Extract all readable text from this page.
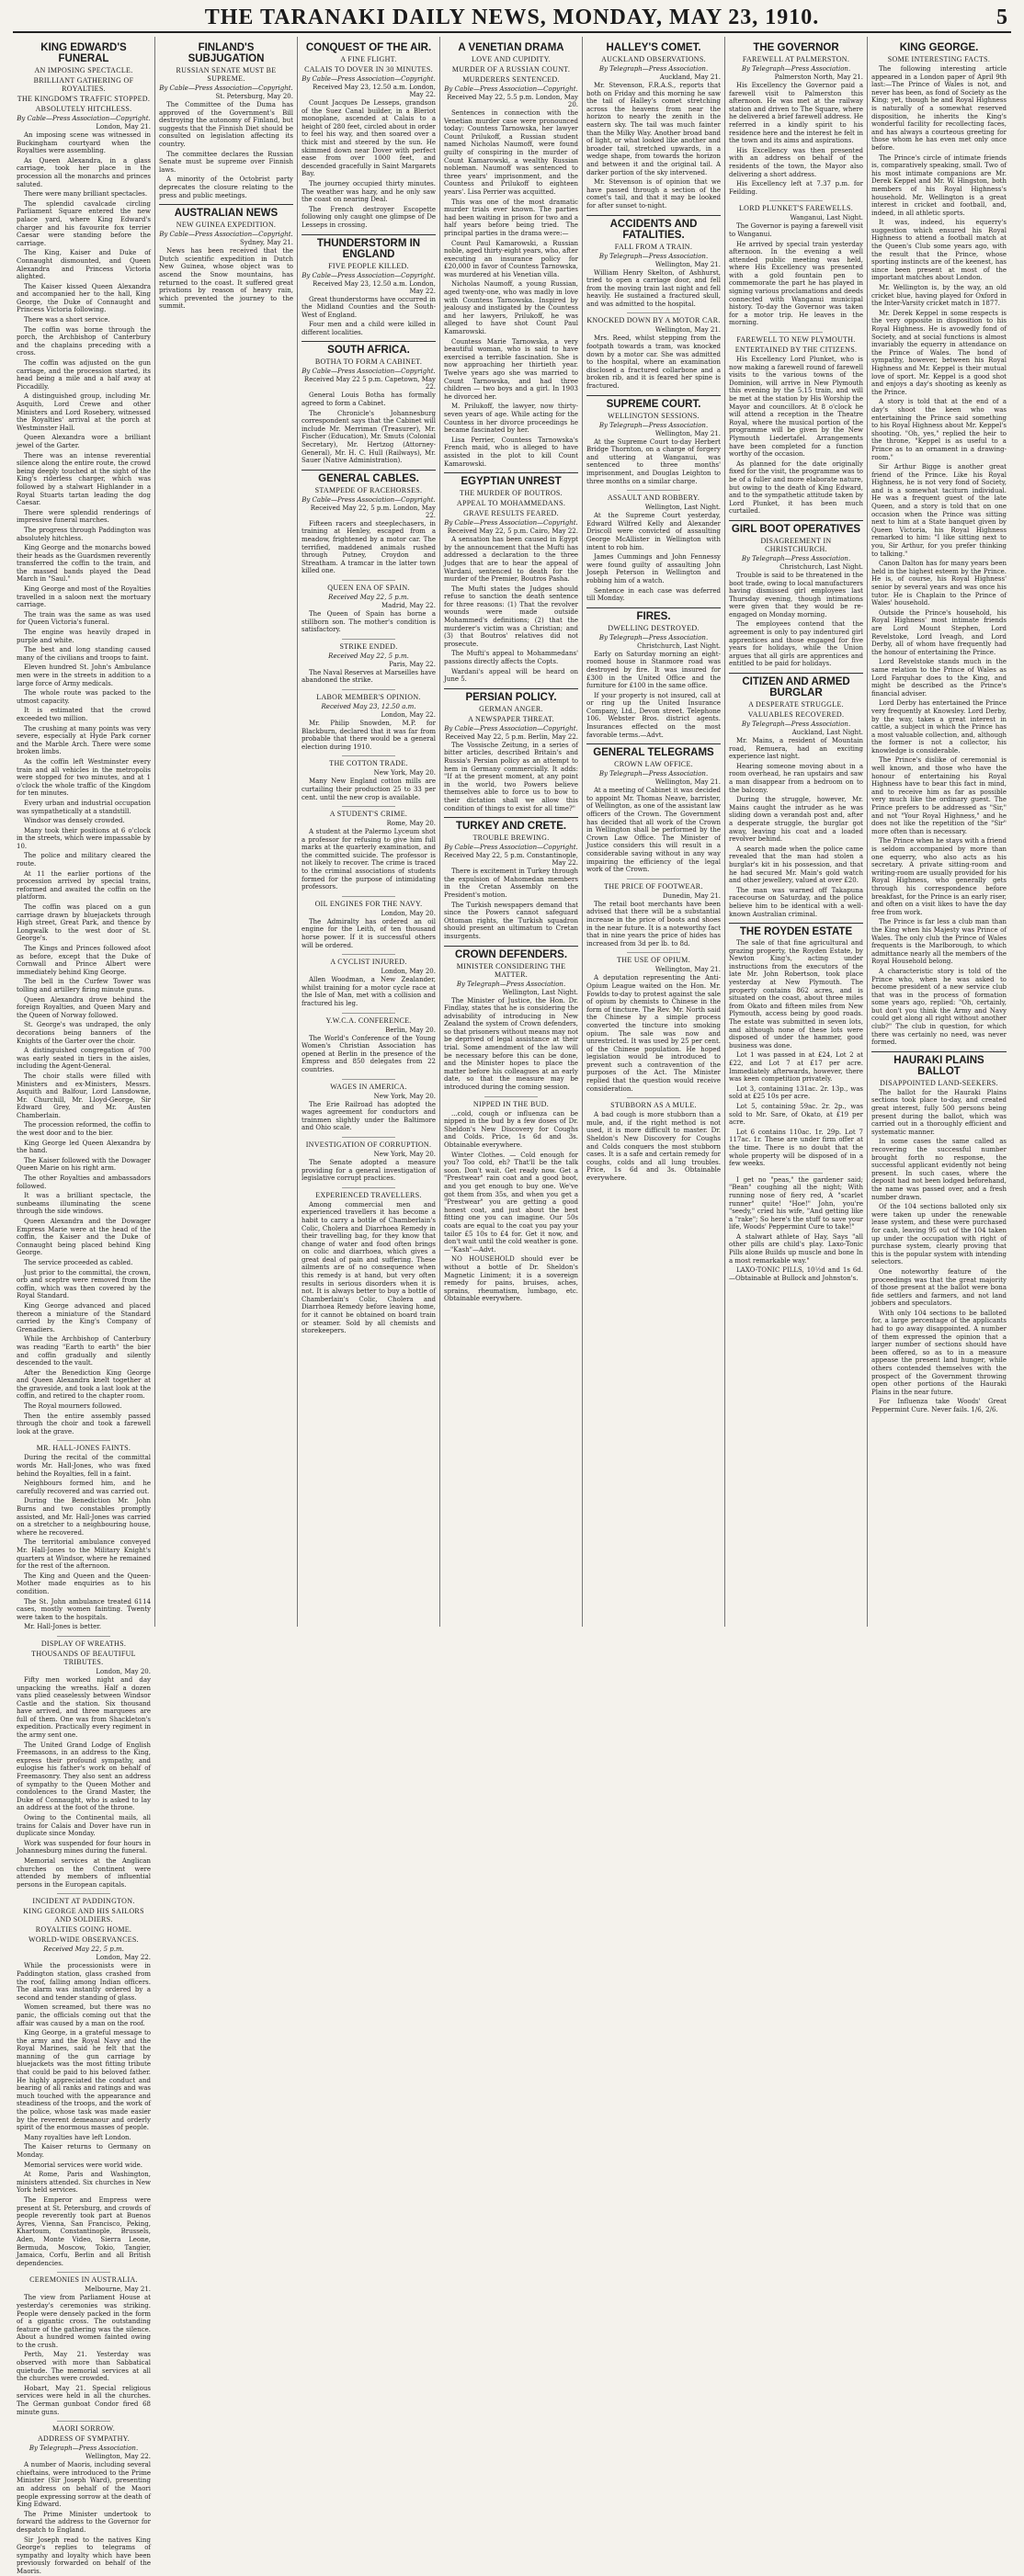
THE TARANAKI DAILY NEWS, MONDAY, MAY 23, 1910.	5
KING EDWARD'S FUNERAL
AN IMPOSING SPECTACLE.
BRILLIANT GATHERING OF ROYALTIES.
THE KINGDOM'S TRAFFIC STOPPED.
ABSOLUTELY HITCHLESS.
By Cable—Press Association—Copyright.
London, May 21.

An imposing scene was witnessed in Buckingham courtyard when the Royalties were assembling.

As Queen Alexandra, in a glass carriage, took her place in the procession all the monarchs and princes saluted.

There were many brilliant spectacles.

The splendid cavalcade circling Parliament Square entered the new palace yard, where King Edward's charger and his favourite fox terrier Caesar were standing before the carriage.

The King, Kaiser and Duke of Connaught dismounted, and Queen Alexandra and Princess Victoria alighted.

The Kaiser kissed Queen Alexandra and accompanied her to the hall, King George, the Duke of Connaught and Princess Victoria following.

There was a short service.

The coffin was borne through the porch, the Archbishop of Canterbury and the chaplains preceding with a cross.

The coffin was adjusted on the gun carriage, and the procession started, its head being a mile and a half away at Piccadilly.

A distinguished group, including Mr. Asquith, Lord Crewe and other Ministers and Lord Rosebery, witnessed the Royalties' arrival at the porch at Westminster Hall.

Queen Alexandra wore a brilliant jewel of the Garter.

There was an intense reverential silence along the entire route, the crowd being deeply touched at the sight of the King's riderless charger, which was followed by a stalwart Highlander in a Royal Stuarts tartan leading the dog Caesar.

There were splendid renderings of impressive funeral marches.

The progress through Paddington was absolutely hitchless.

King George and the monarchs bowed their heads as the Guardsmen reverently transferred the coffin to the train, and the massed bands played the Dead March in "Saul."

King George and most of the Royalties travelled in a saloon next the mortuary carriage.

The train was the same as was used for Queen Victoria's funeral.

The engine was heavily draped in purple and white.

The best and long standing caused many of the civilians and troops to faint.

Eleven hundred St. John's Ambulance men were in the streets in addition to a large force of Army medicals.

The whole route was packed to the utmost capacity.

It is estimated that the crowd exceeded two million.

The crushing at many points was very severe, especially at Hyde Park corner and the Marble Arch. There were some broken limbs.

As the coffin left Westminster every train and all vehicles in the metropolis were stopped for two minutes, and at 1 o'clock the whole traffic of the Kingdom for ten minutes.

Every urban and industrial occupation was sympathetically at a standstill.

Windsor was densely crowded.

Many took their positions at 6 o'clock in the streets, which were impassable by 10.

The police and military cleared the route.

At 11 the earlier portions of the procession arrived by special trains, reformed and awaited the coffin on the platform.

The coffin was placed on a gun carriage drawn by bluejackets through High street, Great Park, and thence by Longwalk to the west door of St. George's.

The Kings and Princes followed afoot as before, except that the Duke of Cornwall and Prince Albert were immediately behind King George.

The bell in the Curfew Tower was tolling and artillery firing minute guns.

Queen Alexandra drove behind the foreign Royalties, and Queen Mary and the Queen of Norway followed.

St. George's was undraped, the only decorations being banners of the Knights of the Garter over the choir.

A distinguished congregation of 700 was early seated in tiers in the aisles, including the Agent-General.

The choir stalls were filled with Ministers and ex-Ministers, Messrs. Asquith and Balfour, Lord Lansdowne, Mr. Churchill, Mr. Lloyd-George, Sir Edward Grey, and Mr. Austen Chamberlain.

The procession reformed, the coffin to the west door and to the bier.

King George led Queen Alexandra by the hand.

The Kaiser followed with the Dowager Queen Marie on his right arm.

The other Royalties and ambassadors followed.

It was a brilliant spectacle, the sunbeams illuminating the scene through the side windows.

Queen Alexandra and the Dowager Empress Marie were at the head of the coffin, the Kaiser and the Duke of Connaught being placed behind King George.

The service proceeded as cabled.

Just prior to the committal, the crown, orb and sceptre were removed from the coffin, which was then covered by the Royal Standard.

King George advanced and placed thereon a miniature of the Standard carried by the King's Company of Grenadiers.

While the Archbishop of Canterbury was reading "Earth to earth" the bier and coffin gradually and silently descended to the vault.

After the Benediction King George and Queen Alexandra knelt together at the graveside, and took a last look at the coffin, and retired to the chapter room.

The Royal mourners followed.

Then the entire assembly passed through the choir and took a farewell look at the grave.

MR. HALL-JONES FAINTS.

During the recital of the committal words Mr. Hall-Jones, who was fixed behind the Royalties, fell in a faint.

Neighbours formed him, and he carefully recovered and was carried out.

During the Benediction Mr. John Burns and two constables promptly assisted, and Mr. Hall-Jones was carried on a stretcher to a neighbouring house, where he recovered.

The territorial ambulance conveyed Mr. Hall-Jones to the Military Knight's quarters at Windsor, where he remained for the rest of the afternoon.

The King and Queen and the Queen-Mother made enquiries as to his condition.

The St. John ambulance treated 6114 cases, mostly women fainting. Twenty were taken to the hospitals.

Mr. Hall-Jones is better.

DISPLAY OF WREATHS.
THOUSANDS OF BEAUTIFUL TRIBUTES.
London, May 20.

Fifty men worked night and day unpacking the wreaths. Half a dozen vans plied ceaselessly between Windsor Castle and the station. Six thousand have arrived, and three marquees are full of them. One was from Shackleton's expedition. Practically every regiment in the army sent one.

The United Grand Lodge of English Freemasons, in an address to the King, express their profound sympathy, and eulogise his father's work on behalf of Freemasonry. They also sent an address of sympathy to the Queen Mother and condolences to the Grand Master, the Duke of Connaught, who is asked to lay an address at the foot of the throne.

Owing to the Continental mails, all trains for Calais and Dover have run in duplicate since Monday.

Work was suspended for four hours in Johannesburg mines during the funeral.

Memorial services at the Anglican churches on the Continent were attended by members of influential persons in the European capitals.

INCIDENT AT PADDINGTON.
KING GEORGE AND HIS SAILORS AND SOLDIERS.
ROYALTIES GOING HOME.
WORLD-WIDE OBSERVANCES.
Received May 22, 5 p.m.
London, May 22.

While the processionists were in Paddington station, glass crashed from the roof, falling among Indian officers. The alarm was instantly ordered by a second and tender standing of glass.

Women screamed, but there was no panic, the officials coming out that the affair was caused by a man on the roof.

King George, in a grateful message to the army and the Royal Navy and the Royal Marines, said he felt that the manning of the gun carriage by bluejackets was the most fitting tribute that could be paid to his beloved father. He highly appreciated the conduct and bearing of all ranks and ratings and was much touched with the appearance and steadiness of the troops, and the work of the police, whose task was made easier by the reverent demeanour and orderly spirit of the enormous masses of people.

Many royalties have left London.

The Kaiser returns to Germany on Monday.

Memorial services were world wide.

At Rome, Paris and Washington, ministers attended. Six churches in New York held services.

The Emperor and Empress were present at St. Petersburg, and crowds of people reverently took part at Buenos Ayres, Vienna, San Francisco, Peking, Khartoum, Constantinople, Brussels, Aden, Monte Video, Sierra Leone, Bermuda, Moscow, Tokio, Tangier, Jamaica, Corfu, Berlin and all British dependencies.

CEREMONIES IN AUSTRALIA.
Melbourne, May 21.

The view from Parliament House at yesterday's ceremonies was striking. People were densely packed in the form of a gigantic cross. The outstanding feature of the gathering was the silence. About a hundred women fainted owing to the crush.

Perth, May 21. Yesterday was observed with more than Sabbatical quietude. The memorial services at all the churches were crowded.

Hobart, May 21. Special religious services were held in all the churches. The German gunboat Condor fired 68 minute guns.

MAORI SORROW.
ADDRESS OF SYMPATHY.
By Telegraph—Press Association.
Wellington, May 22.

A number of Maoris, including several chieftains, were introduced to the Prime Minister (Sir Joseph Ward), presenting an address on behalf of the Maori people expressing sorrow at the death of King Edward.

The Prime Minister undertook to forward the address to the Governor for despatch to England.

Sir Joseph read to the natives King George's replies to telegrams of sympathy and loyalty which have been previously forwarded on behalf of the Maoris.

FINLAND'S SUBJUGATION
RUSSIAN SENATE MUST BE SUPREME.
By Cable—Press Association—Copyright.
St. Petersburg, May 20.

The Committee of the Duma has approved of the Government's Bill destroying the autonomy of Finland, but suggests that the Finnish Diet should be consulted on legislation affecting its country.

The committee declares the Russian Senate must be supreme over Finnish laws.

A minority of the Octobrist party deprecates the closure relating to the press and public meetings.

AUSTRALIAN NEWS
NEW GUINEA EXPEDITION.
By Cable—Press Association—Copyright.
Sydney, May 21.

News has been received that the Dutch scientific expedition in Dutch New Guinea, whose object was to ascend the Snow mountains, has returned to the coast. It suffered great privations by reason of heavy rain, which prevented the journey to the summit.

CONQUEST OF THE AIR.
A FINE FLIGHT.
CALAIS TO DOVER IN 30 MINUTES.
By Cable—Press Association—Copyright.
Received May 23, 12.50 a.m. London, May 22.

Count Jacques De Lesseps, grandson of the Suez Canal builder, in a Bleriot monoplane, ascended at Calais to a height of 280 feet, circled about in order to feel his way, and then soared over a thick mist and steered by the sun. He skimmed down near Dover with perfect ease from over 1000 feet, and descended gracefully in Saint Margarets Bay.

The journey occupied thirty minutes. The weather was hazy, and he only saw the coast on nearing Deal.

The French destroyer Escopette following only caught one glimpse of De Lesseps in crossing.

THUNDERSTORM IN ENGLAND
FIVE PEOPLE KILLED.
By Cable—Press Association—Copyright.
Received May 23, 12.50 a.m. London, May 22.

Great thunderstorms have occurred in the Midland Counties and the South-West of England.

Four men and a child were killed in different localities.

SOUTH AFRICA.
BOTHA TO FORM A CABINET.
By Cable—Press Association—Copyright.
Received May 22 5 p.m. Capetown, May 22.

General Louis Botha has formally agreed to form a Cabinet.

The Chronicle's Johannesburg correspondent says that the Cabinet will include Mr. Merriman (Treasurer), Mr. Fischer (Education), Mr. Smuts (Colonial Secretary), Mr. Hertzog (Attorney-General), Mr. H. C. Hull (Railways), Mr. Sauer (Native Administration).

GENERAL CABLES.
STAMPEDE OF RACEHORSES.
By Cable—Press Association—Copyright.
Received May 22, 5 p.m. London, May 22.

Fifteen racers and steeplechasers, in training at Henley, escaped from a meadow, frightened by a motor car. The terrified, maddened animals rushed through Putney, Croydon and Streatham. A tramcar in the latter town killed one.

QUEEN ENA OF SPAIN.
Received May 22, 5 p.m.
Madrid, May 22.

The Queen of Spain has borne a stillborn son. The mother's condition is satisfactory.

STRIKE ENDED.
Received May 22, 5 p.m.
Paris, May 22.

The Naval Reserves at Marseilles have abandoned the strike.

LABOR MEMBER'S OPINION.
Received May 23, 12.50 a.m.
London, May 22.

Mr. Philip Snowden, M.P. for Blackburn, declared that it was far from probable that there would be a general election during 1910.

THE COTTON TRADE.
New York, May 20.

Many New England cotton mills are curtailing their production 25 to 33 per cent. until the new crop is available.

A STUDENT'S CRIME.
Rome, May 20.

A student at the Palermo Lyceum shot a professor for refusing to give him full marks at the quarterly examination, and the committed suicide. The professor is not likely to recover. The crime is traced to the criminal associations of students formed for the purpose of intimidating professors.

OIL ENGINES FOR THE NAVY.
London, May 20.

The Admiralty has ordered an oil engine for the Leith, of ten thousand horse power. If it is successful others will be ordered.

A CYCLIST INJURED.
London, May 20.

Allen Woodman, a New Zealander, whilst training for a motor cycle race at the Isle of Man, met with a collision and fractured his leg.

Y.W.C.A. CONFERENCE.
Berlin, May 20.

The World's Conference of the Young Women's Christian Association has opened at Berlin in the presence of the Empress and 850 delegates from 22 countries.

WAGES IN AMERICA.
New York, May 20.

The Erie Railroad has adopted the wages agreement for conductors and trainmen slightly under the Baltimore and Ohio scale.

INVESTIGATION OF CORRUPTION.
New York, May 20.

The Senate adopted a measure providing for a general investigation of legislative corrupt practices.

EXPERIENCED TRAVELLERS.

Among commercial men and experienced travellers it has become a habit to carry a bottle of Chamberlain's Colic, Cholera and Diarrhoea Remedy in their travelling bag, for they know that change of water and food often brings on colic and diarrhoea, which gives a great deal of pain and suffering. These ailments are of no consequence when this remedy is at hand, but very often results in serious disorders when it is not. It is always better to buy a bottle of Chamberlain's Colic, Cholera and Diarrhoea Remedy before leaving home, for it cannot be obtained on board train or steamer. Sold by all chemists and storekeepers.

A VENETIAN DRAMA
LOVE AND CUPIDITY.
MURDER OF A RUSSIAN COUNT.
MURDERERS SENTENCED.
By Cable—Press Association—Copyright.
Received May 22, 5.5 p.m. London, May 20.

Sentences in connection with the Venetian murder case were pronounced today: Countess Tarnowska, her lawyer Count Prilukoff, a Russian student named Nicholas Naumoff, were found guilty of conspiring in the murder of Count Kamarowski, a wealthy Russian nobleman. Naumoff was sentenced to three years' imprisonment, and the Countess and Prilukoff to eighteen years'. Lisa Perrier was acquitted.

This was one of the most dramatic murder trials ever known. The parties had been waiting in prison for two and a half years before being tried. The principal parties in the drama were:—

Count Paul Kamarowski, a Russian noble, aged thirty-eight years, who, after executing an insurance policy for £20,000 in favor of Countess Tarnowska, was murdered at his Venetian villa.

Nicholas Naumoff, a young Russian, aged twenty-one, who was madly in love with Countess Tarnowska. Inspired by jealousy and instigated by the Countess and her lawyers, Prilukoff, he was alleged to have shot Count Paul Kamarowski.

Countess Marie Tarnowska, a very beautiful woman, who is said to have exercised a terrible fascination. She is now approaching her thirtieth year. Twelve years ago she was married to Count Tarnowska, and had three children — two boys and a girl. In 1903 he divorced her.

M. Prilukoff, the lawyer, now thirty-seven years of age. While acting for the Countess in her divorce proceedings he became fascinated by her.

Lisa Perrier, Countess Tarnowska's French maid, who is alleged to have assisted in the plot to kill Count Kamarowski.

EGYPTIAN UNREST
THE MURDER OF BOUTROS.
APPEAL TO MOHAMMEDANS.
GRAVE RESULTS FEARED.
By Cable—Press Association—Copyright.
Received May 22, 5 p.m. Cairo, May 22.

A sensation has been caused in Egypt by the announcement that the Mufti has addressed a declaration to the three Judges that are to hear the appeal of Wardani, sentenced to death for the murder of the Premier, Boutros Pasha.

The Mufti states the Judges should refuse to sanction the death sentence for three reasons: (1) That the revolver wounds were made outside Mohammed's definitions; (2) that the murderer's victim was a Christian; and (3) that Boutros' relatives did not prosecute.

The Mufti's appeal to Mohammedans' passions directly affects the Copts.

Wardani's appeal will be heard on June 5.

PERSIAN POLICY.
GERMAN ANGER.
A NEWSPAPER THREAT.
By Cable—Press Association—Copyright.
Received May 22, 5 p.m. Berlin, May 22.

The Vossische Zeitung, in a series of bitter articles, described Britain's and Russia's Persian policy as an attempt to hem in Germany commercially. It adds: "If at the present moment, at any point in the world, two Powers believe themselves able to force us to bow to their dictation shall we allow this condition of things to exist for all time?"

TURKEY AND CRETE.
TROUBLE BREWING.
By Cable—Press Association—Copyright.
Received May 22, 5 p.m. Constantinople, May 22.

There is excitement in Turkey through the expulsion of Mahomedan members in the Cretan Assembly on the President's motion.

The Turkish newspapers demand that since the Powers cannot safeguard Ottoman rights, the Turkish squadron should present an ultimatum to Cretan insurgents.

CROWN DEFENDERS.
MINISTER CONSIDERING THE MATTER.
By Telegraph—Press Association.
Wellington, Last Night.

The Minister of Justice, the Hon. Dr. Findlay, states that he is considering the advisability of introducing in New Zealand the system of Crown defenders, so that prisoners without means may not be deprived of legal assistance at their trial. Some amendment of the law will be necessary before this can be done, and the Minister hopes to place the matter before his colleagues at an early date, so that the measure may be introduced during the coming session.

NIPPED IN THE BUD.

...cold, cough or influenza can be nipped in the bud by a few doses of Dr. Sheldon's New Discovery for Coughs and Colds. Price, 1s 6d and 3s. Obtainable everywhere.

Winter Clothes. — Cold enough for you? Too cold, eh? That'll be the talk soon. Don't wait. Get ready now. Get a "Prestwear" rain coat and a good boot, and you get enough to buy one. We've got them from 35s, and when you get a "Prestwear" you are getting a good honest coat, and just about the best fitting one you can imagine. Our 50s coats are equal to the coat you pay your tailor £5 10s to £4 for. Get it now, and don't wait until the cold weather is gone.—"Kash"—Advt.

NO HOUSEHOLD should ever be without a bottle of Dr. Sheldon's Magnetic Liniment; it is a sovereign remedy for pains, bruises, aches, sprains, rheumatism, lumbago, etc. Obtainable everywhere.

HALLEY'S COMET.
AUCKLAND OBSERVATIONS.
By Telegraph—Press Association.
Auckland, May 21.

Mr. Stevenson, F.R.A.S., reports that both on Friday and this morning he saw the tail of Halley's comet stretching across the heavens from near the horizon to nearly the zenith in the eastern sky. The tail was much fainter than the Milky Way. Another broad band of light, or what looked like another and broader tail, stretched upwards, in a wedge shape, from towards the horizon and between it and the original tail. A darker portion of the sky intervened.

Mr. Stevenson is of opinion that we have passed through a section of the comet's tail, and that it may be looked for after sunset to-night.

ACCIDENTS AND FATALITIES.
FALL FROM A TRAIN.
By Telegraph—Press Association.
Wellington, May 21.

William Henry Skelton, of Ashhurst, tried to open a carriage door, and fell from the moving train last night and fell heavily. He sustained a fractured skull, and was admitted to the hospital.

KNOCKED DOWN BY A MOTOR CAR.
Wellington, May 21.

Mrs. Reed, whilst stepping from the footpath towards a tram, was knocked down by a motor car. She was admitted to the hospital, where an examination disclosed a fractured collarbone and a broken rib, and it is feared her spine is fractured.

SUPREME COURT.
WELLINGTON SESSIONS.
By Telegraph—Press Association.
Wellington, May 21.

At the Supreme Court to-day Herbert Bridge Thornton, on a charge of forgery and uttering at Wanganui, was sentenced to three months' imprisonment, and Douglas Leighton to three months on a similar charge.

ASSAULT AND ROBBERY.
Wellington, Last Night.

At the Supreme Court yesterday, Edward Wilfred Kelly and Alexander Driscoll were convicted of assaulting George McAllister in Wellington with intent to rob him.

James Cummings and John Fennessy were found guilty of assaulting John Joseph Peterson in Wellington and robbing him of a watch.

Sentence in each case was deferred till Monday.

FIRES.
DWELLING DESTROYED.
By Telegraph—Press Association.
Christchurch, Last Night.

Early on Saturday morning an eight-roomed house in Stanmore road was destroyed by fire. It was insured for £300 in the United Office and the furniture for £100 in the same office.

If your property is not insured, call at or ring up the United Insurance Company, Ltd., Devon street. Telephone 106. Webster Bros. district agents. Insurances effected on the most favorable terms.—Advt.

GENERAL TELEGRAMS
CROWN LAW OFFICE.
By Telegraph—Press Association.
Wellington, May 21.

At a meeting of Cabinet it was decided to appoint Mr. Thomas Neave, barrister, of Wellington, as one of the assistant law officers of the Crown. The Government has decided that all work of the Crown in Wellington shall be performed by the Crown Law Office. The Minister of Justice considers this will result in a considerable saving without in any way impairing the efficiency of the legal work of the Crown.

THE PRICE OF FOOTWEAR.
Dunedin, May 21.

The retail boot merchants have been advised that there will be a substantial increase in the price of boots and shoes in the near future. It is a noteworthy fact that in nine years the price of hides has increased from 3d per lb. to 8d.

THE USE OF OPIUM.
Wellington, May 21.

A deputation representing the Anti-Opium League waited on the Hon. Mr. Fowlds to-day to protest against the sale of opium by chemists to Chinese in the form of tincture. The Rev. Mr. North said the Chinese by a simple process converted the tincture into smoking opium. The sale was now and unrestricted. It was used by 25 per cent. of the Chinese population. He hoped legislation would be introduced to prevent such a contravention of the purposes of the Act. The Minister replied that the question would receive consideration.

STUBBORN AS A MULE.

A bad cough is more stubborn than a mule, and, if the right method is not used, it is more difficult to master. Dr. Sheldon's New Discovery for Coughs and Colds conquers the most stubborn cases. It is a safe and certain remedy for coughs, colds and all lung troubles. Price, 1s 6d and 3s. Obtainable everywhere.

THE GOVERNOR
FAREWELL AT PALMERSTON.
By Telegraph—Press Association.
Palmerston North, May 21.

His Excellency the Governor paid a farewell visit to Palmerston this afternoon. He was met at the railway station and driven to The Square, where he delivered a brief farewell address. He referred in a kindly spirit to his residence here and the interest he felt in the town and its aims and aspirations.

His Excellency was then presented with an address on behalf of the residents of the town, the Mayor also delivering a short address.

His Excellency left at 7.37 p.m. for Feilding.

LORD PLUNKET'S FAREWELLS.
Wanganui, Last Night.

The Governor is paying a farewell visit to Wanganui.

He arrived by special train yesterday afternoon. In the evening a well attended public meeting was held, where His Excellency was presented with a gold fountain pen to commemorate the part he has played in signing various proclamations and deeds connected with Wanganui municipal history. To-day the Governor was taken for a motor trip. He leaves in the morning.

FAREWELL TO NEW PLYMOUTH.
ENTERTAINED BY THE CITIZENS.

His Excellency Lord Plunket, who is now making a farewell round of farewell visits to the various towns of the Dominion, will arrive in New Plymouth this evening by the 5.15 train, and will be met at the station by His Worship the Mayor and councillors. At 8 o'clock he will attend a reception in the Theatre Royal, where the musical portion of the programme will be given by the New Plymouth Liedertafel. Arrangements have been completed for a function worthy of the occasion.

As planned for the date originally fixed for the visit, the programme was to be of a fuller and more elaborate nature, but owing to the death of King Edward, and to the sympathetic attitude taken by Lord Plunket, it has been much curtailed.

GIRL BOOT OPERATIVES
DISAGREEMENT IN CHRISTCHURCH.
By Telegraph—Press Association.
Christchurch, Last Night.

Trouble is said to be threatened in the boot trade, owing to local manufacturers having dismissed girl employees last Thursday evening, though intimations were given that they would be re-engaged on Monday morning.

The employees contend that the agreement is only to pay indentured girl apprentices and those engaged for five years for holidays, while the Union argues that all girls are apprentices and entitled to be paid for holidays.

CITIZEN AND ARMED BURGLAR
A DESPERATE STRUGGLE.
VALUABLES RECOVERED.
By Telegraph—Press Association.
Auckland, Last Night.

Mr. Mains, a resident of Mountain road, Remuera, had an exciting experience last night.

Hearing someone moving about in a room overhead, he ran upstairs and saw a man disappear from a bedroom on to the balcony.

During the struggle, however, Mr. Mains caught the intruder as he was sliding down a verandah post and, after a desperate struggle, the burglar got away, leaving his coat and a loaded revolver behind.

A search made when the police came revealed that the man had stolen a burglar's kit in his possession, and that he had secured Mr. Main's gold watch and other jewellery, valued at over £20.

The man was warned off Takapuna racecourse on Saturday, and the police believe him to be identical with a well-known Australian criminal.

THE ROYDEN ESTATE

The sale of that fine agricultural and grazing property, the Royden Estate, by Newton King's, acting under instructions from the executors of the late Mr. John Robertson, took place yesterday at New Plymouth. The property contains 862 acres, and is situated on the coast, about three miles from Okato and fifteen miles from New Plymouth, access being by good roads. The estate was submitted in seven lots, and although none of these lots were disposed of under the hammer, good business was done.

Lot 1 was passed in at £24, Lot 2 at £22, and Lot 7 at £17 per acre. Immediately afterwards, however, there was keen competition privately.

Lot 3, containing 131ac. 2r. 13p., was sold at £25 10s per acre.

Lot 5, containing 59ac. 2r. 2p., was sold to Mr. Sare, of Okato, at £19 per acre.

Lot 6 contains 110ac. 1r. 29p. Lot 7 117ac. 1r. These are under firm offer at the time. There is no doubt that the whole property will be disposed of in a few weeks.

I get no "peas," the gardener said; "Bean" coughing all the night; With running nose of fiery red, A "scarlet runner" quite! "Hoe!" John, you're "seedy," cried his wife, "And getting like a "rake"; So here's the stuff to save your life, Woods' Peppermint Cure to take!"

A stalwart athlete of Hay, Says "all other pills are child's play. Laxo-Tonic Pills alone Builds up muscle and bone In a most remarkable way."

LAXO-TONIC PILLS, 10½d and 1s 6d.—Obtainable at Bullock and Johnston's.

KING GEORGE.
SOME INTERESTING FACTS.

The following interesting article appeared in a London paper of April 9th last:—The Prince of Wales is not, and never has been, as fond of Society as the King; yet, though he and Royal Highness is naturally of a somewhat reserved disposition, he inherits the King's wonderful facility for recollecting faces, and has always a courteous greeting for those whom he has even met only once before.

The Prince's circle of intimate friends is, comparatively speaking, small. Two of his most intimate companions are Mr. Derek Keppel and Mr. W. Hingston, both members of his Royal Highness's household. Mr. Wellington is a great interest in cricket and football, and, indeed, in all athletic sports.

It was, indeed, his equerry's suggestion which ensured his Royal Highness to attend a football match at the Queen's Club some years ago, with the result that the Prince, whose sporting instincts are of the keenest, has since been present at most of the important matches about London.

Mr. Wellington is, by the way, an old cricket blue, having played for Oxford in the Inter-Varsity cricket match in 1877.

Mr. Derek Keppel in some respects is the very opposite in disposition to his Royal Highness. He is avowedly fond of Society, and at social functions is almost invariably the equerry in attendance on the Prince of Wales. The bond of sympathy, however, between his Royal Highness and Mr. Keppel is their mutual love of sport. Mr. Keppel is a good shot and enjoys a day's shooting as keenly as the Prince.

A story is told that at the end of a day's shoot the keen who was entertaining the Prince said something to his Royal Highness about Mr. Keppel's shooting. "Oh, yes," replied the heir to the throne, "Keppel is as useful to a Prince as to an ornament in a drawing-room."

Sir Arthur Bigge is another great friend of the Prince. Like his Royal Highness, he is not very fond of Society, and is a somewhat taciturn individual. He was a frequent guest of the late Queen, and a story is told that on one occasion when the Prince was sitting next to him at a State banquet given by Queen Victoria, his Royal Highness remarked to him: "I like sitting next to you, Sir Arthur, for you prefer thinking to talking."

Canon Dalton has for many years been held in the highest esteem by the Prince. He is, of course, his Royal Highness' senior by several years and was once his tutor. He is Chaplain to the Prince of Wales' household.

Outside the Prince's household, his Royal Highness' most intimate friends are Lord Mount Stephen, Lord Revelstoke, Lord Iveagh, and Lord Derby, all of whom have frequently had the honour of entertaining the Prince.

Lord Revelstoke stands much in the same relation to the Prince of Wales as Lord Farquhar does to the King, and might be described as the Prince's financial adviser.

Lord Derby has entertained the Prince very frequently at Knowsley. Lord Derby, by the way, takes a great interest in cattle, a subject in which the Prince has a most valuable collection, and, although the former is not a collector, his knowledge is considerable.

The Prince's dislike of ceremonial is well known, and those who have the honour of entertaining his Royal Highness have to bear this fact in mind, and to receive him as far as possible very much like the ordinary guest. The Prince prefers to be addressed as "Sir," and not "Your Royal Highness," and he does not like the repetition of the "Sir" more often than is necessary.

The Prince when he stays with a friend is seldom accompanied by more than one equerry, who also acts as his secretary. A private sitting-room and writing-room are usually provided for his Royal Highness, who generally gets through his correspondence before breakfast, for the Prince is an early riser, and often on a visit likes to have the day free from work.

The Prince is far less a club man than the King when his Majesty was Prince of Wales. The only club the Prince of Wales frequents is the Marlborough, to which admittance nearly all the members of the Royal Household belong.

A characteristic story is told of the Prince who, when he was asked to become president of a new service club that was in the process of formation some years ago, replied: "Oh, certainly, but don't you think the Army and Navy could get along all right without another club?" The club in question, for which there was certainly no need, was never formed.

HAURAKI PLAINS BALLOT
DISAPPOINTED LAND-SEEKERS.

The ballot for the Hauraki Plains sections took place to-day, and created great interest, fully 500 persons being present during the ballot, which was carried out in a thoroughly efficient and systematic manner.

In some cases the same called as recovering the successful number brought forth no response, the successful applicant evidently not being present. In such cases, where the deposit had not been lodged beforehand, the name was passed over, and a fresh number drawn.

Of the 104 sections balloted only six were taken up under the renewable lease system, and these were purchased for cash, leaving 95 out of the 104 taken up under the occupation with right of purchase system, clearly proving that this is the popular system with intending selectors.

One noteworthy feature of the proceedings was that the great majority of those present at the ballot were bona fide settlers and farmers, and not land jobbers and speculators.

With only 104 sections to be balloted for, a large percentage of the applicants had to go away disappointed. A number of them expressed the opinion that a larger number of sections should have been offered, so as to in a measure appease the present land hunger, while others contended themselves with the prospect of the Government throwing open other portions of the Hauraki Plains in the near future.

For Influenza take Woods' Great Peppermint Cure. Never fails. 1/6, 2/6.
